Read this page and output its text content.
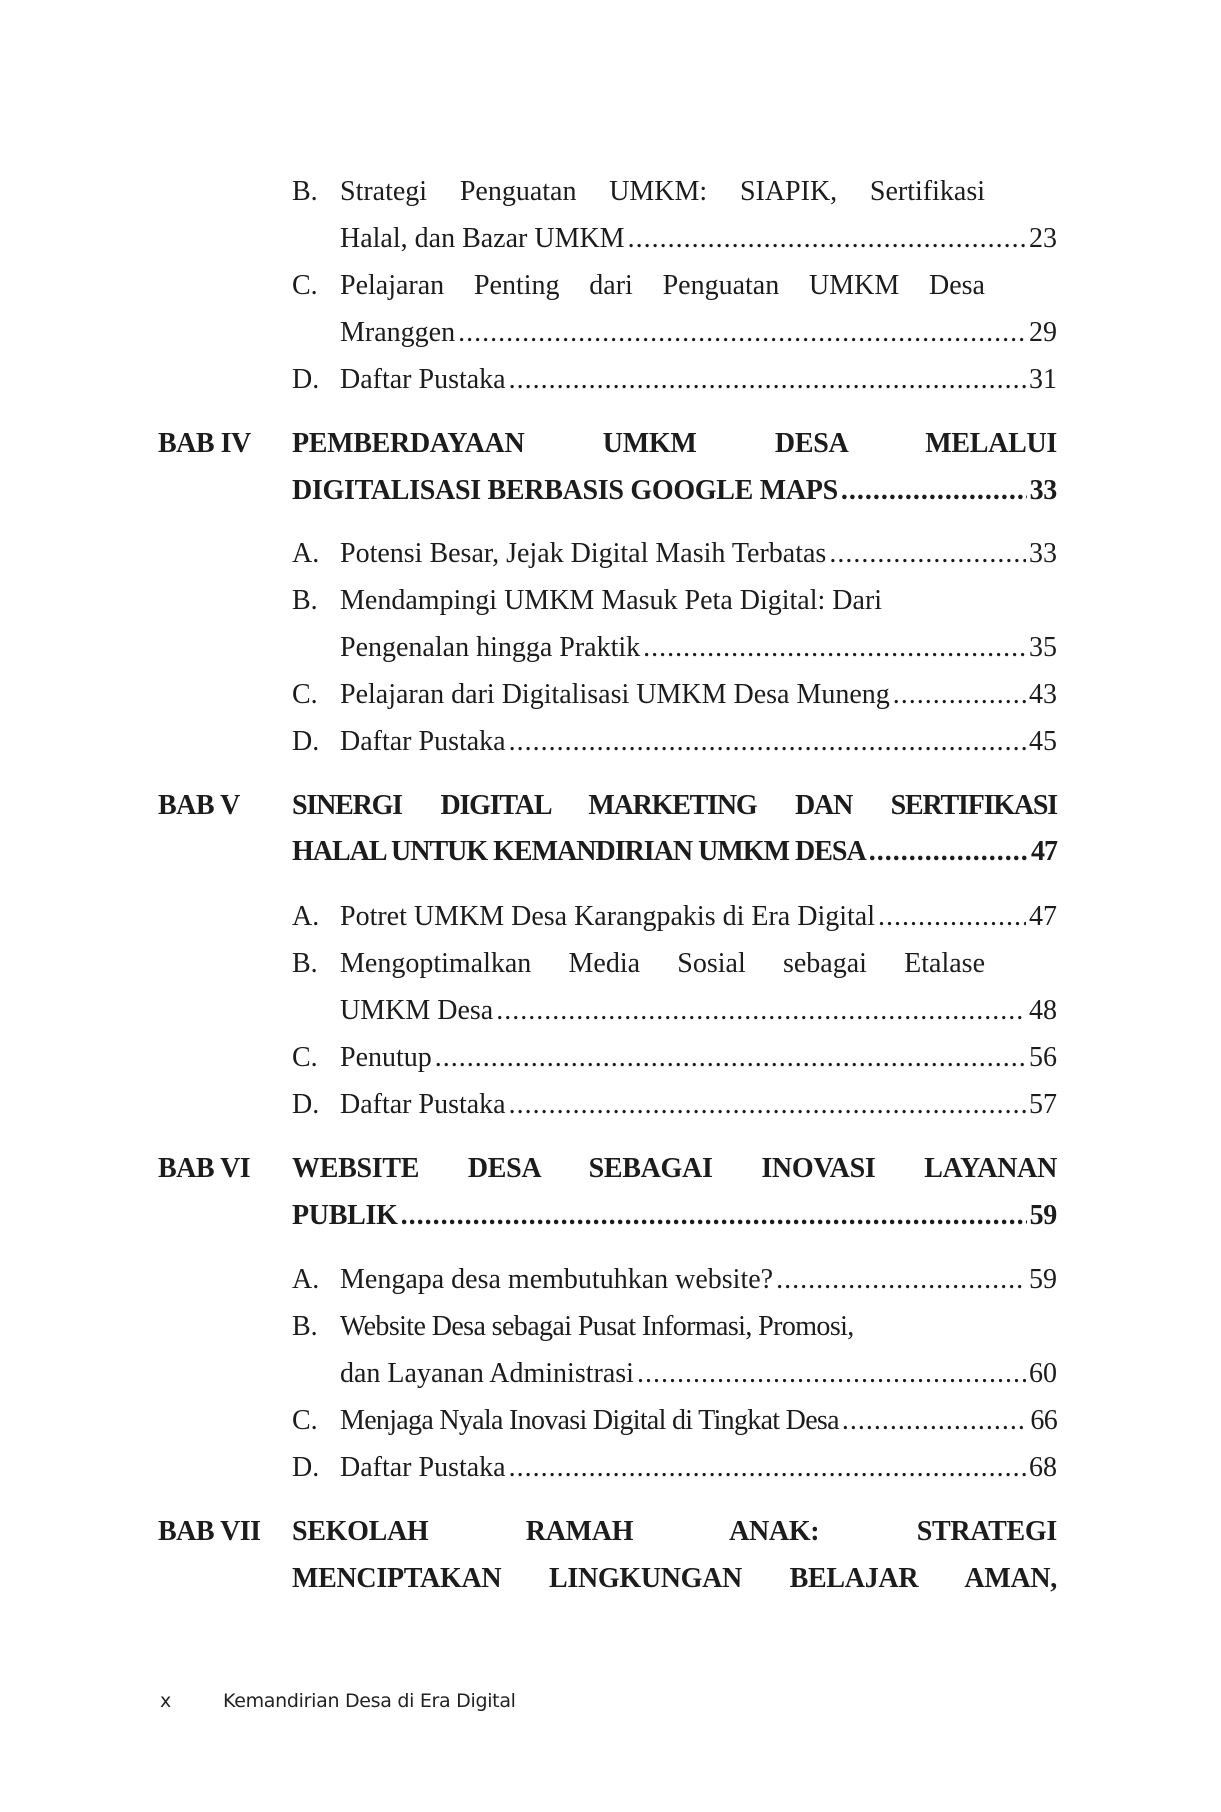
B. Strategi Penguatan UMKM: SIAPIK, Sertifikasi
Halal, dan Bazar UMKM .....	23
C. Pelajaran Penting dari Penguatan UMKM Desa
Mranggen .....	29
D. Daftar Pustaka .....	31
BAB IV PEMBERDAYAAN UMKM DESA MELALUI
DIGITALISASI BERBASIS GOOGLE MAPS .....	33
A. Potensi Besar, Jejak Digital Masih Terbatas .....	33
B. Mendampingi UMKM Masuk Peta Digital: Dari
Pengenalan hingga Praktik .....	35
C. Pelajaran dari Digitalisasi UMKM Desa Muneng .....	43
D. Daftar Pustaka .....	45
BAB V SINERGI DIGITAL MARKETING DAN SERTIFIKASI
HALAL UNTUK KEMANDIRIAN UMKM DESA .....	47
A. Potret UMKM Desa Karangpakis di Era Digital .....	47
B. Mengoptimalkan Media Sosial sebagai Etalase
UMKM Desa .....	48
C. Penutup .....	56
D. Daftar Pustaka .....	57
BAB VI WEBSITE DESA SEBAGAI INOVASI LAYANAN
PUBLIK .....	59
A. Mengapa desa membutuhkan website? .....	59
B. Website Desa sebagai Pusat Informasi, Promosi,
dan Layanan Administrasi .....	60
C. Menjaga Nyala Inovasi Digital di Tingkat Desa .....	66
D. Daftar Pustaka .....	68
BAB VII SEKOLAH RAMAH ANAK: STRATEGI
MENCIPTAKAN LINGKUNGAN BELAJAR AMAN,
x	Kemandirian Desa di Era Digital
